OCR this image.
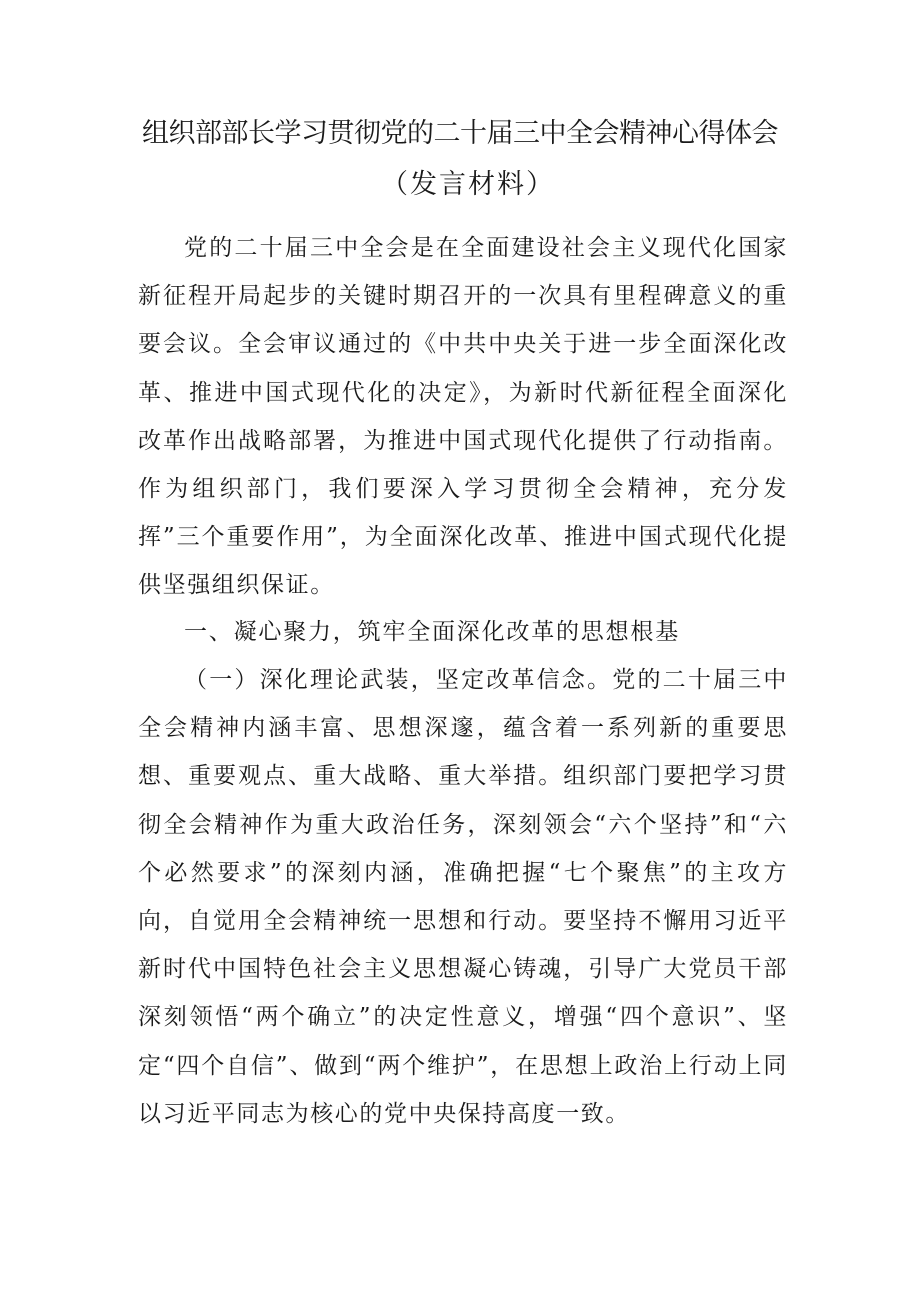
组织部部长学习贯彻党的二十届三中全会精神心得体会
（发言材料）

党的二十届三中全会是在全面建设社会主义现代化国家新征程开局起步的关键时期召开的一次具有里程碑意义的重要会议。全会审议通过的《中共中央关于进一步全面深化改革、推进中国式现代化的决定》，为新时代新征程全面深化改革作出战略部署，为推进中国式现代化提供了行动指南。作为组织部门，我们要深入学习贯彻全会精神，充分发挥”三个重要作用”，为全面深化改革、推进中国式现代化提供坚强组织保证。

一、凝心聚力，筑牢全面深化改革的思想根基

（一）深化理论武装，坚定改革信念。党的二十届三中全会精神内涵丰富、思想深邃，蕴含着一系列新的重要思想、重要观点、重大战略、重大举措。组织部门要把学习贯彻全会精神作为重大政治任务，深刻领会“六个坚持”和“六个必然要求”的深刻内涵，准确把握“七个聚焦”的主攻方向，自觉用全会精神统一思想和行动。要坚持不懈用习近平新时代中国特色社会主义思想凝心铸魂，引导广大党员干部深刻领悟“两个确立”的决定性意义，增强“四个意识”、坚定“四个自信”、做到“两个维护”，在思想上政治上行动上同以习近平同志为核心的党中央保持高度一致。
